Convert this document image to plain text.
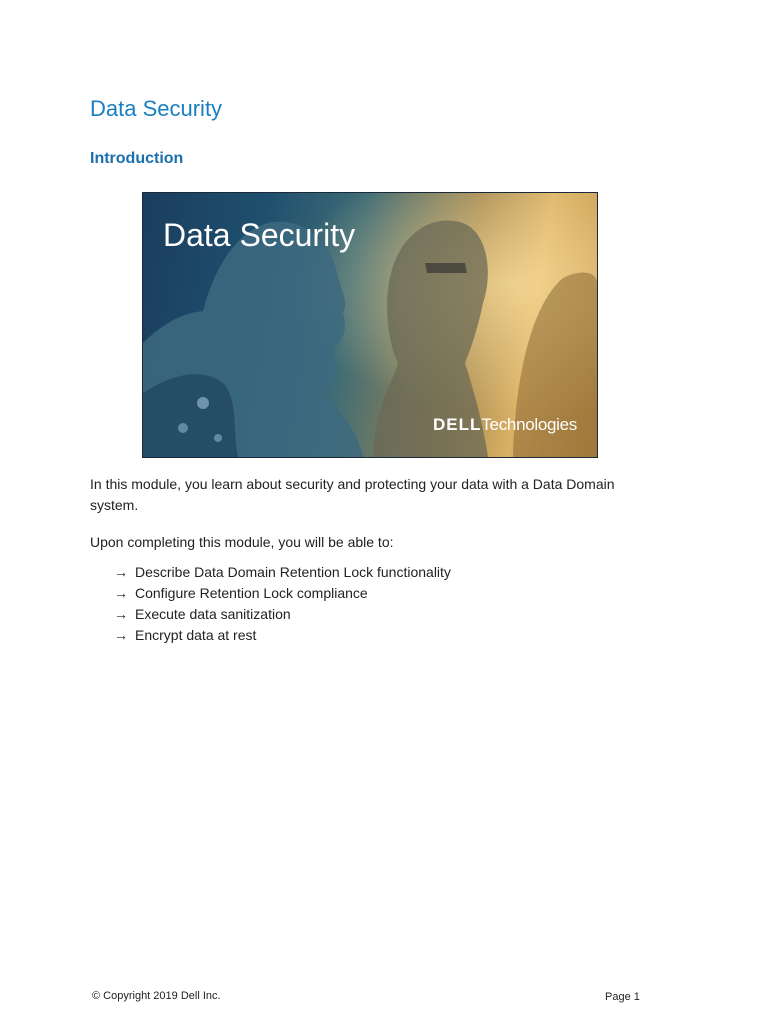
Data Security
Introduction
Data Security
DELLTechnologies

In this module, you learn about security and protecting your data with a Data Domain system.

Upon completing this module, you will be able to:

→ Describe Data Domain Retention Lock functionality
→ Configure Retention Lock compliance
→ Execute data sanitization
→ Encrypt data at rest
© Copyright 2019 Dell Inc.	Page 1
